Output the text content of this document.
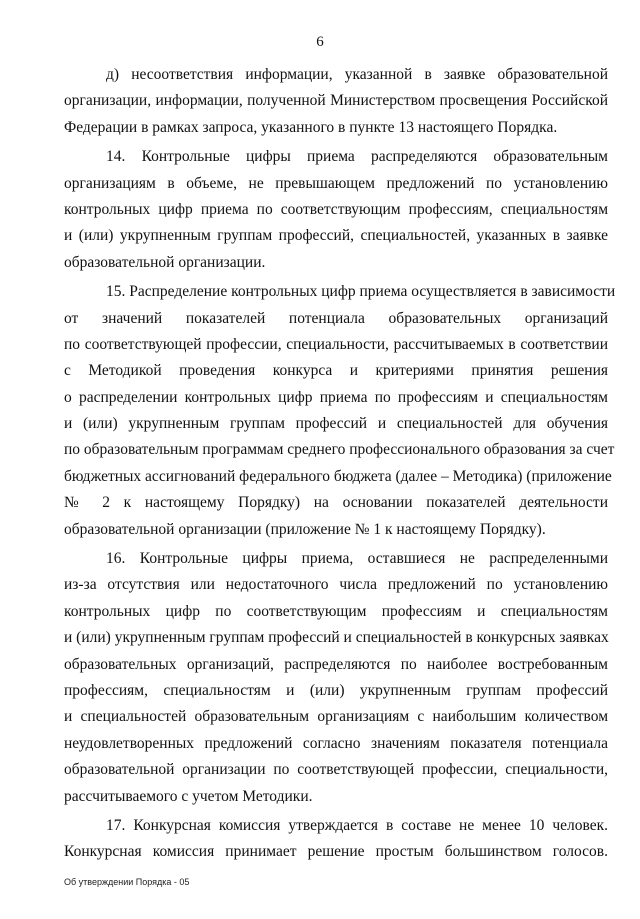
6
д) несоответствия информации, указанной в заявке образовательной
организации, информации, полученной Министерством просвещения Российской
Федерации в рамках запроса, указанного в пункте 13 настоящего Порядка.
14. Контрольные цифры приема распределяются образовательным
организациям в объеме, не превышающем предложений по установлению
контрольных цифр приема по соответствующим профессиям, специальностям
и (или) укрупненным группам профессий, специальностей, указанных в заявке
образовательной организации.
15. Распределение контрольных цифр приема осуществляется в зависимости
от значений показателей потенциала образовательных организаций
по соответствующей профессии, специальности, рассчитываемых в соответствии
с Методикой проведения конкурса и критериями принятия решения
о распределении контрольных цифр приема по профессиям и специальностям
и (или) укрупненным группам профессий и специальностей для обучения
по образовательным программам среднего профессионального образования за счет
бюджетных ассигнований федерального бюджета (далее – Методика) (приложение
№ 2 к настоящему Порядку) на основании показателей деятельности
образовательной организации (приложение № 1 к настоящему Порядку).
16. Контрольные цифры приема, оставшиеся не распределенными
из-за отсутствия или недостаточного числа предложений по установлению
контрольных цифр по соответствующим профессиям и специальностям
и (или) укрупненным группам профессий и специальностей в конкурсных заявках
образовательных организаций, распределяются по наиболее востребованным
профессиям, специальностям и (или) укрупненным группам профессий
и специальностей образовательным организациям с наибольшим количеством
неудовлетворенных предложений согласно значениям показателя потенциала
образовательной организации по соответствующей профессии, специальности,
рассчитываемого с учетом Методики.
17. Конкурсная комиссия утверждается в составе не менее 10 человек.
Конкурсная комиссия принимает решение простым большинством голосов.
Об утверждении Порядка - 05
